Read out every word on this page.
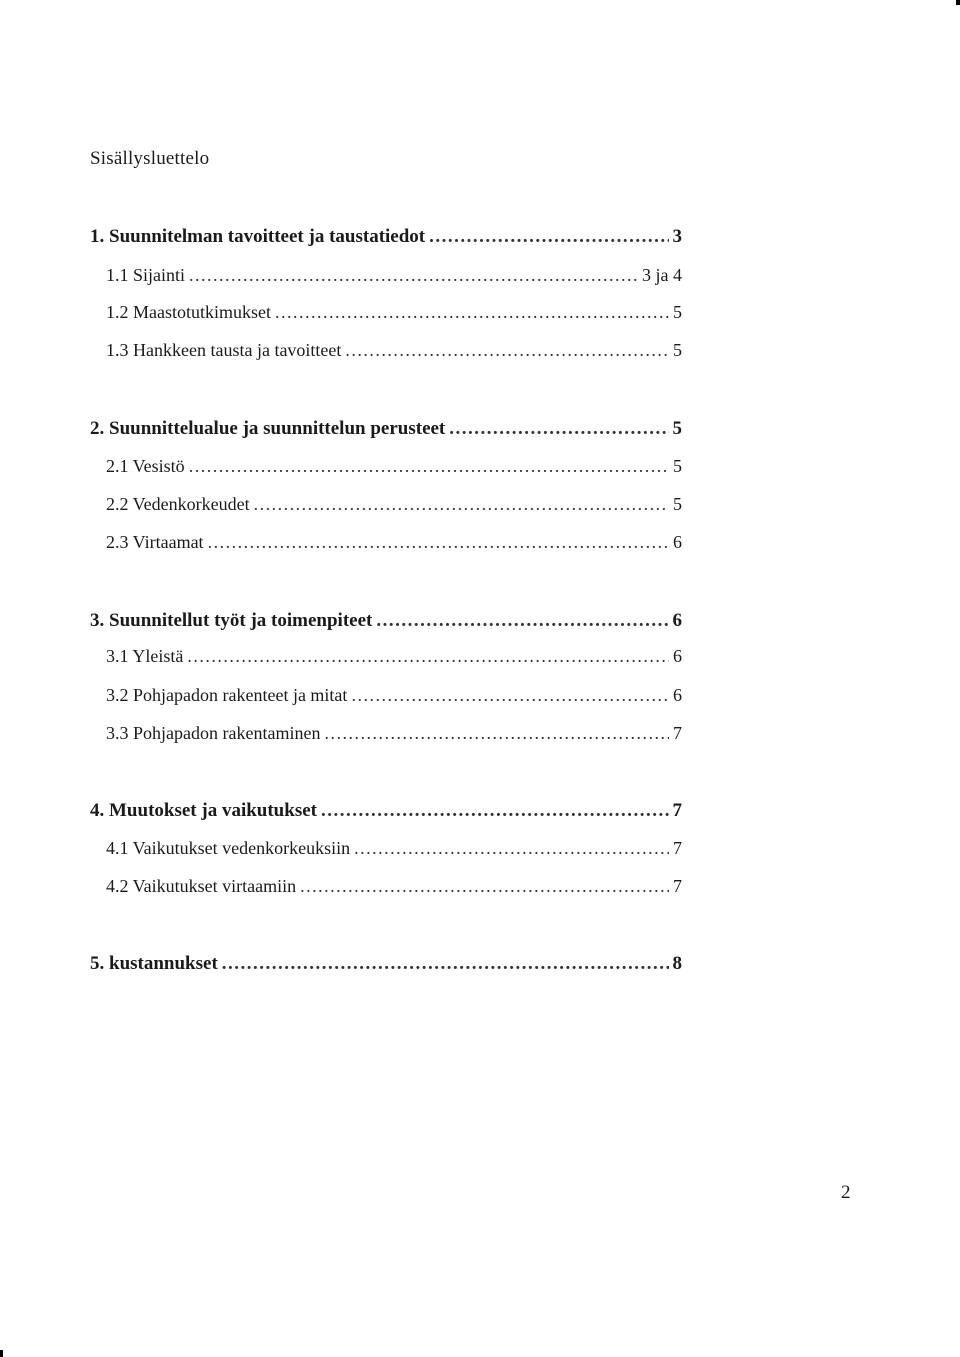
Sisällysluettelo
1. Suunnitelman tavoitteet ja taustatiedot .....	3
1.1 Sijainti .....	3 ja 4
1.2 Maastotutkimukset .....	5
1.3 Hankkeen tausta ja tavoitteet .....	5
2. Suunnittelualue ja suunnittelun perusteet .....	5
2.1 Vesistö .....	5
2.2 Vedenkorkeudet .....	5
2.3 Virtaamat .....	6
3. Suunnitellut työt ja toimenpiteet .....	6
3.1 Yleistä .....	6
3.2 Pohjapadon rakenteet ja mitat .....	6
3.3 Pohjapadon rakentaminen .....	7
4. Muutokset ja vaikutukset .....	7
4.1 Vaikutukset vedenkorkeuksiin .....	7
4.2 Vaikutukset virtaamiin .....	7
5. kustannukset .....	8
2
